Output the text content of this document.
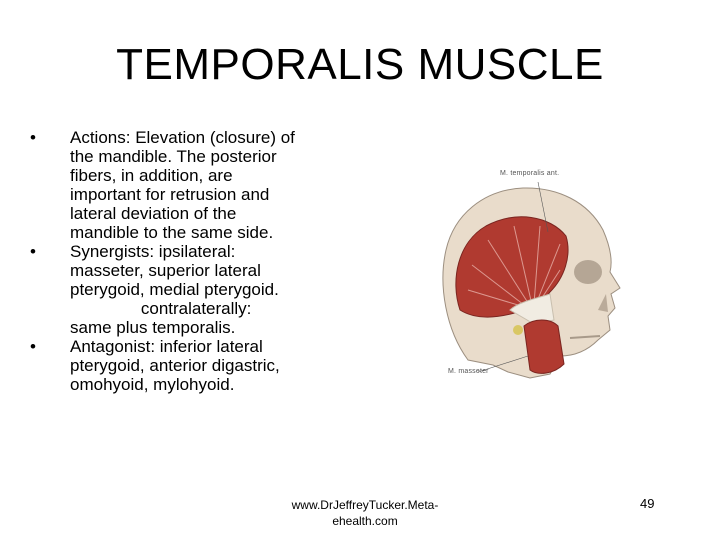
TEMPORALIS MUSCLE
•	Actions: Elevation (closure) of
the mandible. The posterior
fibers, in addition, are
important for retrusion and
lateral deviation of the
mandible to the same side.
•	Synergists: ipsilateral:
masseter, superior lateral
pterygoid, medial pterygoid.
contralaterally:
same plus temporalis.
•	Antagonist: inferior lateral
pterygoid, anterior digastric,
omohyoid, mylohyoid.
M. temporalis ant.
M. masseter
www.DrJeffreyTucker.Meta-
ehealth.com
49
